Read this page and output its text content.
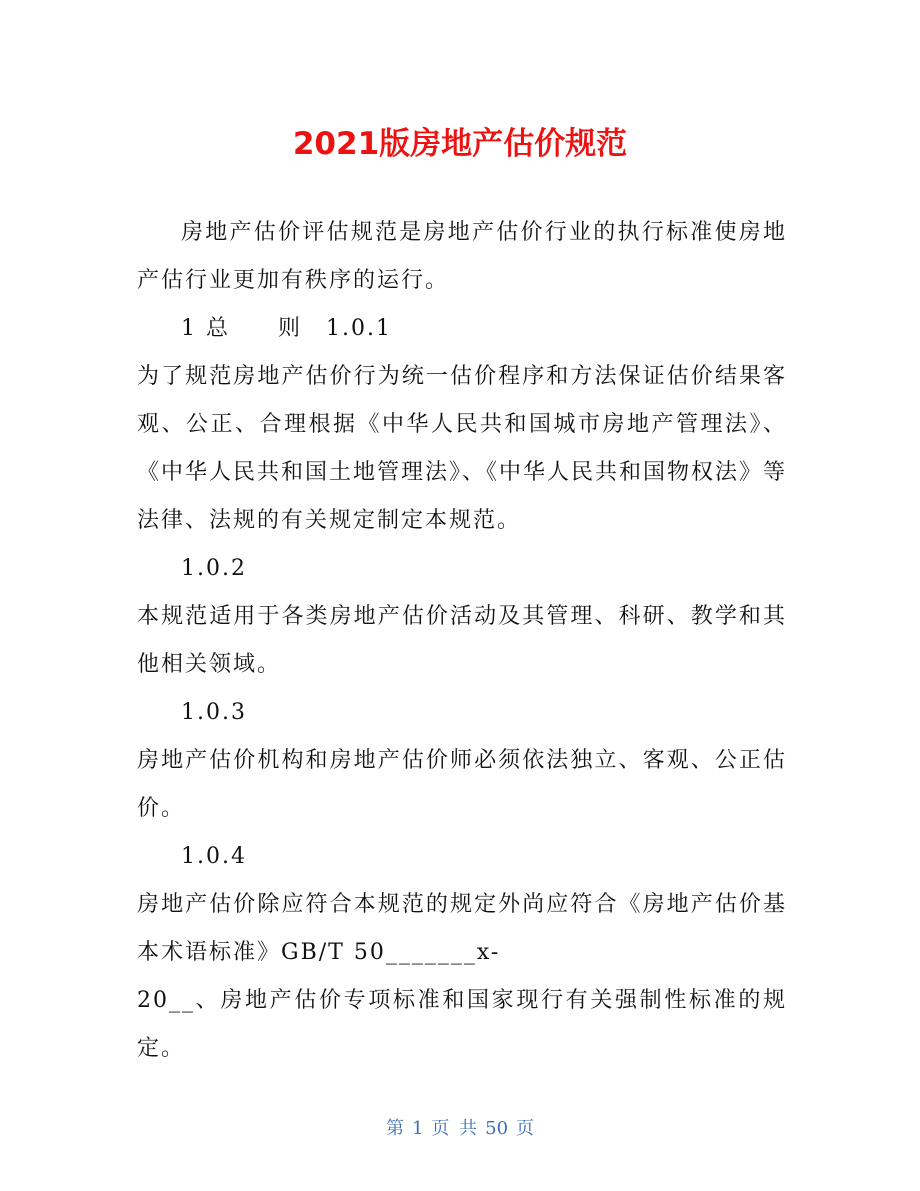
2021版房地产估价规范

房地产估价评估规范是房地产估价行业的执行标准使房地产估行业更加有秩序的运行。

1 总　　则　1.0.1

为了规范房地产估价行为统一估价程序和方法保证估价结果客观、公正、合理根据《中华人民共和国城市房地产管理法》、《中华人民共和国土地管理法》、《中华人民共和国物权法》等法律、法规的有关规定制定本规范。

1.0.2

本规范适用于各类房地产估价活动及其管理、科研、教学和其他相关领域。

1.0.3

房地产估价机构和房地产估价师必须依法独立、客观、公正估价。

1.0.4

房地产估价除应符合本规范的规定外尚应符合《房地产估价基本术语标准》GB/T 50_______x-

20__、房地产估价专项标准和国家现行有关强制性标准的规定。

第 1 页 共 50 页
